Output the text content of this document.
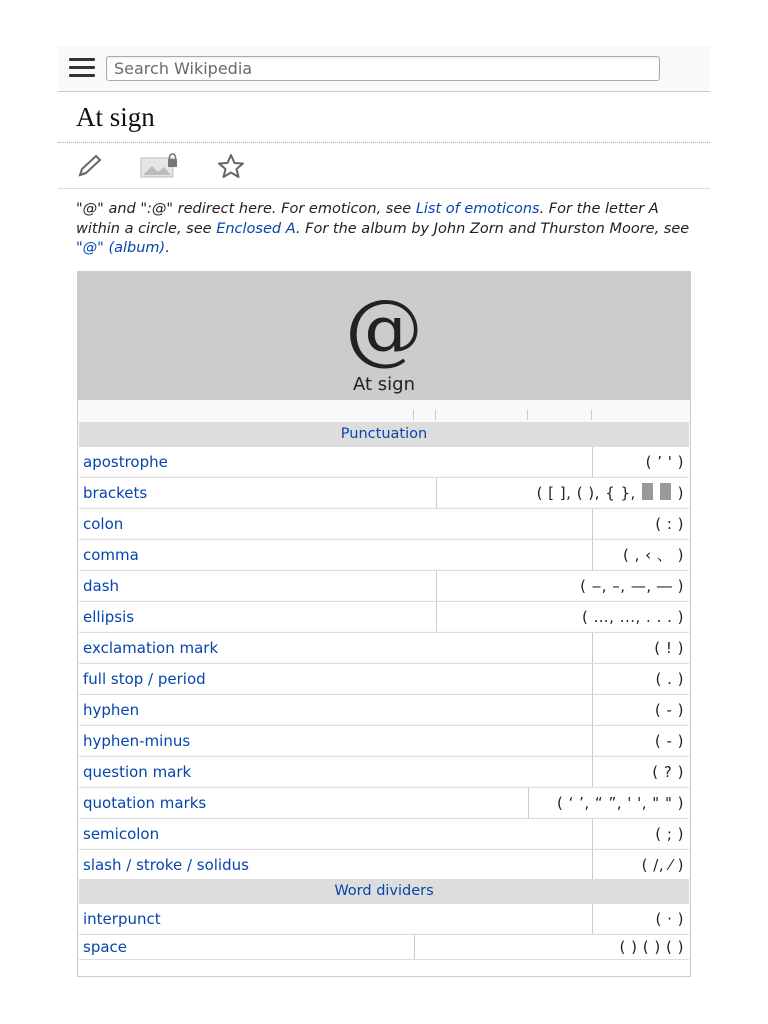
Search Wikipedia
At sign

"@" and ":@" redirect here. For emoticon, see List of emoticons. For the letter A within a circle, see Enclosed A. For the album by John Zorn and Thurston Moore, see "@" (album).

@
At sign
Punctuation
apostrophe	( ’ ' )
brackets	( [ ], ( ), { },   )
colon	( : )
comma	( , ‹ 、 )
dash	( ‒, –, —, ― )
ellipsis	( …, ..., . . . )
exclamation mark	( ! )
full stop / period	( . )
hyphen	( ‐ )
hyphen-minus	( - )
question mark	( ? )
quotation marks	( ‘ ’, “ ”, ' ', " " )
semicolon	( ; )
slash / stroke / solidus	( /, ⁄ )
Word dividers
interpunct	( · )
space	( ) ( ) ( )
